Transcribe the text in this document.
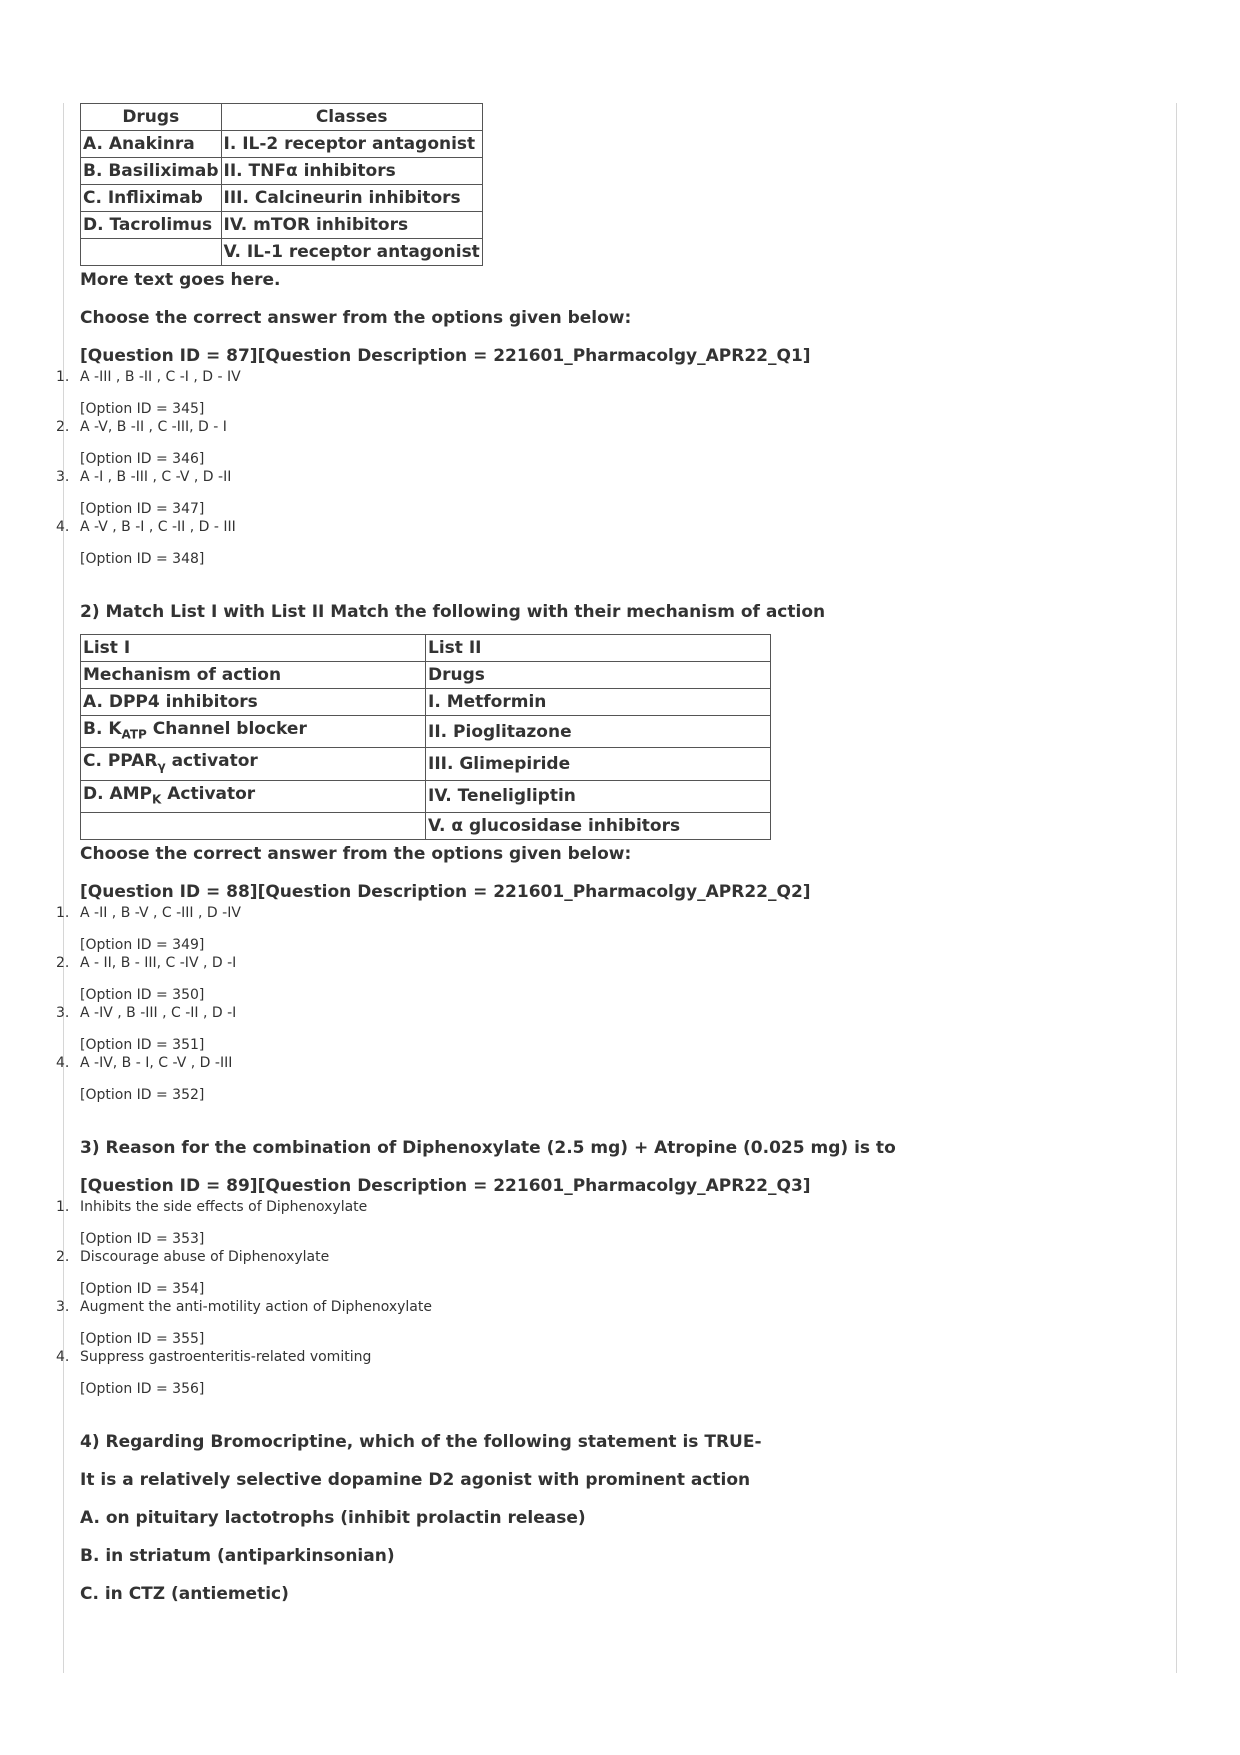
Drugs	Classes
A. Anakinra	I. IL-2 receptor antagonist
B. Basiliximab	II. TNFα inhibitors
C. Infliximab	III. Calcineurin inhibitors
D. Tacrolimus	IV. mTOR inhibitors
	V. IL-1 receptor antagonist

More text goes here.

Choose the correct answer from the options given below:

[Question ID = 87][Question Description = 221601_Pharmacolgy_APR22_Q1]

1. A -III , B -II , C -I , D - IV
[Option ID = 345]
2. A -V, B -II , C -III, D - I
[Option ID = 346]
3. A -I , B -III , C -V , D -II
[Option ID = 347]
4. A -V , B -I , C -II , D - III
[Option ID = 348]

2) Match List I with List II Match the following with their mechanism of action

List I	List II
Mechanism of action	Drugs
A. DPP4 inhibitors	I. Metformin
B. $K_{ATP}$ Channel blocker	II. Pioglitazone
C. $PPAR_\gamma$ activator	III. Glimepiride
D. $AMP_K$ Activator	IV. Teneligliptin
	V. α glucosidase inhibitors

Choose the correct answer from the options given below:

[Question ID = 88][Question Description = 221601_Pharmacolgy_APR22_Q2]

1. A -II , B -V , C -III , D -IV
[Option ID = 349]
2. A - II, B - III, C -IV , D -I
[Option ID = 350]
3. A -IV , B -III , C -II , D -I
[Option ID = 351]
4. A -IV, B - I, C -V , D -III
[Option ID = 352]

3) Reason for the combination of Diphenoxylate (2.5 mg) + Atropine (0.025 mg) is to

[Question ID = 89][Question Description = 221601_Pharmacolgy_APR22_Q3]

1. Inhibits the side effects of Diphenoxylate
[Option ID = 353]
2. Discourage abuse of Diphenoxylate
[Option ID = 354]
3. Augment the anti-motility action of Diphenoxylate
[Option ID = 355]
4. Suppress gastroenteritis-related vomiting
[Option ID = 356]

4) Regarding Bromocriptine, which of the following statement is TRUE-

It is a relatively selective dopamine D2 agonist with prominent action

A. on pituitary lactotrophs (inhibit prolactin release)

B. in striatum (antiparkinsonian)

C. in CTZ (antiemetic)
